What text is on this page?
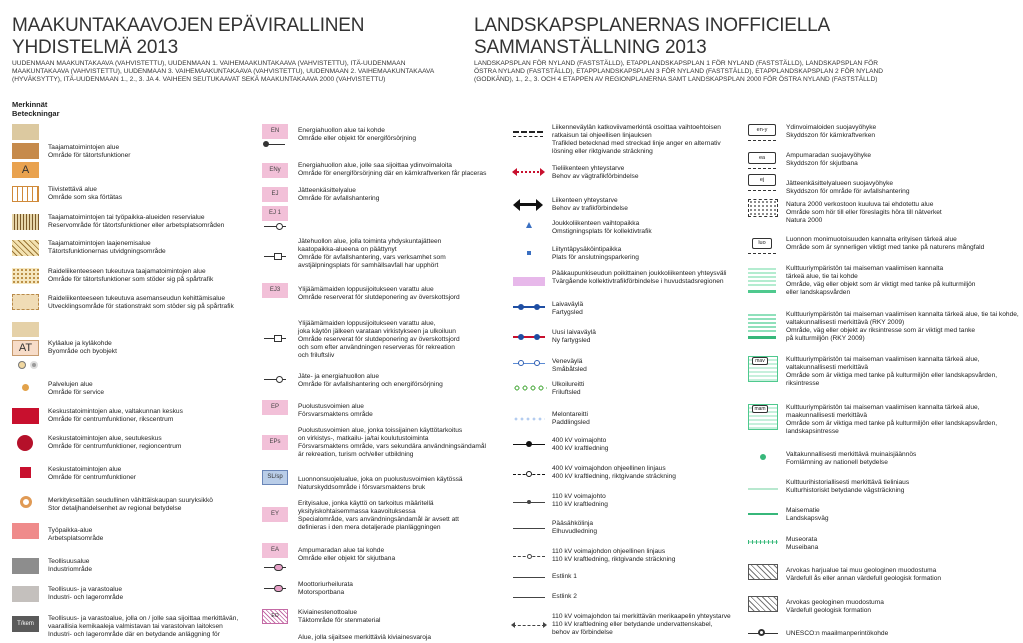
MAAKUNTAKAAVOJEN EPÄVIRALLINEN
YHDISTELMÄ 2013
UUDENMAAN MAAKUNTAKAAVA (VAHVISTETTU), UUDENMAAN 1. VAIHEMAAKUNTAKAAVA (VAHVISTETTU), ITÄ-UUDENMAAN
MAAKUNTAKAAVA (VAHVISTETTU), UUDENMAAN 3. VAIHEMAAKUNTAKAAVA (VAHVISTETTU), UUDENMAAN 2. VAIHEMAAKUNTAKAAVA
(HYVÄKSYTTY), ITÄ-UUDENMAAN 1., 2., 3. JA 4. VAIHEEN SEUTUKAAVAT SEKÄ MAAKUNTAKAAVA 2000 (VAHVISTETTU)
LANDSKAPSPLANERNAS INOFFICIELLA
SAMMANSTÄLLNING 2013
LANDSKAPSPLAN FÖR NYLAND (FASTSTÄLLD), ETAPPLANDSKAPSPLAN 1 FÖR NYLAND (FASTSTÄLLD), LANDSKAPSPLAN FÖR
ÖSTRA NYLAND (FASTSTÄLLD), ETAPPLANDSKAPSPLAN 3 FÖR NYLAND (FASTSTÄLLD), ETAPPLANDSKAPSPLAN 2 FÖR NYLAND
(GODKÄND), 1., 2., 3. OCH 4 ETAPPEN AV REGIONPLANERNA SAMT LANDSKAPSPLAN 2000 FÖR ÖSTRA NYLAND (FASTSTÄLLD)
Merkinnät
Beteckningar
A
AT
T/kem
Taajamatoimintojen alue
Område för tätortsfunktioner
Tiivistettävä alue
Område som ska förtätas
Taajamatoimintojen tai työpaikka-alueiden reservialue
Reservområde för tätortsfunktioner eller arbetsplatsområden
Taajamatoimintojen laajenemisalue
Tätortsfunktionernas utvidgningsområde
Raideliikenteeseen tukeutuva taajamatoimintojen alue
Område för tätortsfunktioner som stöder sig på spårtrafik
Raideliikenteeseen tukeutuva asemanseudun kehittämisalue
Utvecklingsområde för stationstrakt som stöder sig på spårtrafik
Kyläalue ja kyläkohde
Byområde och byobjekt
Palvelujen alue
Område för service
Keskustatoimintojen alue, valtakunnan keskus
Område för centrumfunktioner, rikscentrum
Keskustatoimintojen alue, seutukeskus
Område för centrumfunktioner, regioncentrum
Keskustatoimintojen alue
Område för centrumfunktioner
Merkitykseltään seudullinen vähittäiskaupan suuryksikkö
Stor detaljhandelsenhet av regional betydelse
Työpaikka-alue
Arbetsplatsområde
Teollisuusalue
Industriområde
Teollisuus- ja varastoalue
Industri- och lagerområde
Teollisuus- ja varastoalue, jolla on / jolle saa sijoittaa merkittävän,
vaarallisia kemikaaleja valmistavan tai varastoivan laitoksen
Industri- och lagerområde där en betydande anläggning för
EN
ENy
EJ
EJ 1
EJ3
EP
EPs
SL/sp
EY
EA
EO
en-y
ea
ej
luo
mav
mam
Energiahuollon alue tai kohde
Område eller objekt för energiförsörjning
Energiahuollon alue, jolle saa sijoittaa ydinvoimaloita
Område för energiförsörjning där en kärnkraftverken får placeras
Jätteenkäsittelyalue
Område för avfallshantering
Jätehuollon alue, jolla toiminta yhdyskuntajätteen
kaatopaikka-alueena on päättynyt
Område för avfallshantering, vars verksamhet som
avstjälpningsplats för samhällsavfall har upphört
Ylijäämämaiden loppusijoitukseen varattu alue
Område reserverat för slutdeponering av överskottsjord
Ylijäämämaiden loppusijoitukseen varattu alue,
joka käytön jälkeen varataan virkistykseen ja ulkoiluun
Område reserverat för slutdeponering av överskottsjord
och som efter användningen reserveras för rekreation
och friluftsliv
Jäte- ja energiahuollon alue
Område för avfallshantering och energiförsörjning
Puolustusvoimien alue
Försvarsmaktens område
Puolustusvoimien alue, jonka toissijainen käyttötarkoitus
on virkistys-, matkailu- ja/tai koulutustoiminta
Försvarsmaktens område, vars sekundära användningsändamål
är rekreation, turism och/eller utbildning
Luonnonsuojelualue, joka on puolustusvoimien käytössä
Naturskyddsområde i försvarsmaktens bruk
Erityisalue, jonka käyttö on tarkoitus määritellä
yksityiskohtaisemmassa kaavoituksessa
Specialområde, vars användningsändamål är avsett att
definieras i den mera detaljerade planläggningen
Ampumaradan alue tai kohde
Område eller objekt för skjutbana
Moottoriurheilurata
Motorsportbana
Kiviainestenottoalue
Täktområde för stenmaterial
Alue, jolla sijaitsee merkittäviä kiviainesvaroja
Liikenneväylän katkoviivamerkintä osoittaa vaihtoehtoisen
ratkaisun tai ohjeellisen linjauksen
Trafikled betecknad med streckad linje anger en alternativ
lösning eller riktgivande sträckning
Tieliikenteen yhteystarve
Behov av vägtrafikförbindelse
Liikenteen yhteystarve
Behov av trafikförbindelse
Joukkoliikenteen vaihtopaikka
Omstigningsplats för kollektivtrafik
Liityntäpysäköintipaikka
Plats för anslutningsparkering
Pääkaupunkiseudun poikittainen joukkoliikenteen yhteysväli
Tvärgående kollektivtrafikförbindelse i huvudstadsregionen
Laivaväylä
Fartygsled
Uusi laivaväylä
Ny fartygsled
Veneväylä
Småbåtsled
Ulkoilureitti
Friluftsled
Melontareitti
Paddlingsled
400 kV voimajohto
400 kV kraftledning
400 kV voimajohdon ohjeellinen linjaus
400 kV kraftledning, riktgivande sträckning
110 kV voimajohto
110 kV kraftledning
Pääsähkölinja
Elhuvudledning
110 kV voimajohdon ohjeellinen linjaus
110 kV kraftledning, riktgivande sträckning
Estlink 1
Estlink 2
110 kV voimajohdon tai merkittävän merikaapelin yhteystarve
110 kV kraftledning eller betydande undervattenskabel,
behov av förbindelse
Ydinvoimaloiden suojavyöhyke
Skyddszon för kärnkraftverken
Ampumaradan suojavyöhyke
Skyddszon för skjutbana
Jätteenkäsittelyalueen suojavyöhyke
Skyddszon för område för avfallshantering
Natura 2000 verkostoon kuuluva tai ehdotettu alue
Område som hör till eller föreslagits höra till nätverket
Natura 2000
Luonnon monimuotoisuuden kannalta erityisen tärkeä alue
Område som är synnerligen viktigt med tanke på naturens mångfald
Kulttuuriympäristön tai maiseman vaalimisen kannalta
tärkeä alue, tie tai kohde
Område, väg eller objekt som är viktigt med tanke på kulturmiljön
eller landskapsvården
Kulttuuriympäristön tai maiseman vaalimisen kannalta tärkeä alue, tie tai kohde,
valtakunnallisesti merkittävä (RKY 2009)
Område, väg eller objekt av riksintresse som är viktigt med tanke
på kulturmiljön (RKY 2009)
Kulttuuriympäristön tai maiseman vaalimisen kannalta tärkeä alue,
valtakunnallisesti merkittävä
Område som är viktiga med tanke på kulturmiljön eller landskapsvården,
riksintresse
Kulttuuriympäristön tai maiseman vaalimisen kannalta tärkeä alue,
maakunnallisesti merkittävä
Område som är viktiga med tanke på kulturmiljön eller landskapsvården,
landskapsintresse
Valtakunnallisesti merkittävä muinaisjäännös
Fornlämning av nationell betydelse
Kulttuurihistoriallisesti merkittävä tieliniaus
Kulturhistoriskt betydande vägsträckning
Maisematie
Landskapsväg
Museorata
Museibana
Arvokas harjualue tai muu geologinen muodostuma
Värdefull ås eller annan värdefull geologisk formation
Arvokas geologinen muodostuma
Värdefull geologisk formation
UNESCO:n maailmanperintökohde
